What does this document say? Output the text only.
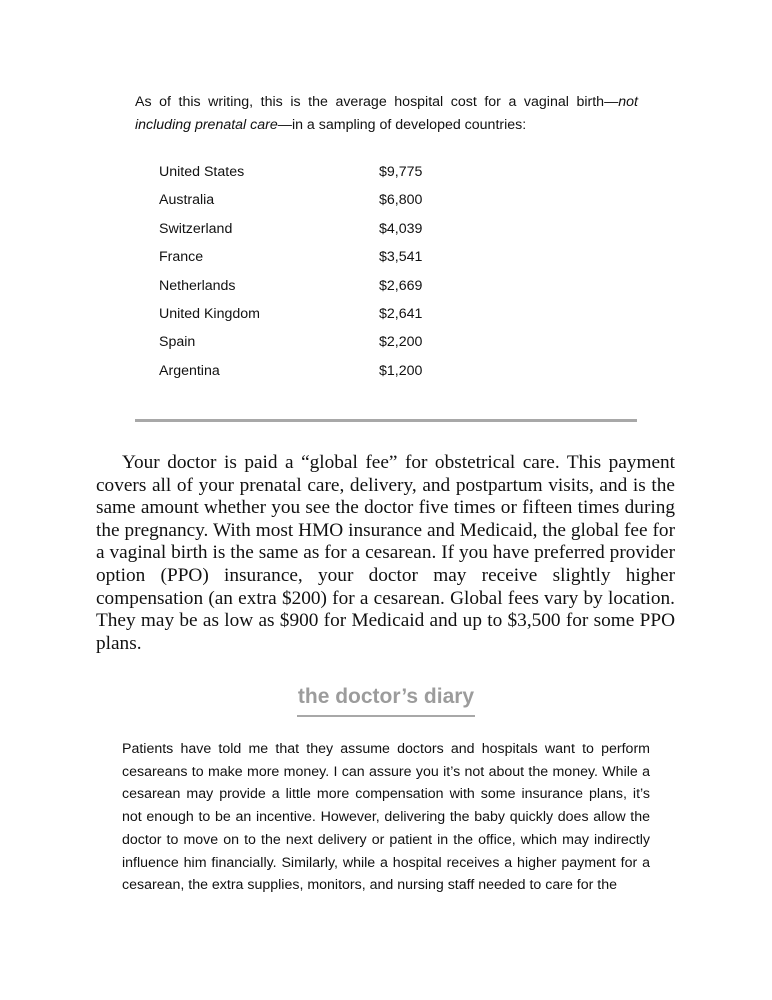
As of this writing, this is the average hospital cost for a vaginal birth—not including prenatal care—in a sampling of developed countries:
United States	$9,775
Australia	$6,800
Switzerland	$4,039
France	$3,541
Netherlands	$2,669
United Kingdom	$2,641
Spain	$2,200
Argentina	$1,200

Your doctor is paid a “global fee” for obstetrical care. This payment covers all of your prenatal care, delivery, and postpartum visits, and is the same amount whether you see the doctor five times or fifteen times during the pregnancy. With most HMO insurance and Medicaid, the global fee for a vaginal birth is the same as for a cesarean. If you have preferred provider option (PPO) insurance, your doctor may receive slightly higher compensation (an extra $200) for a cesarean. Global fees vary by location. They may be as low as $900 for Medicaid and up to $3,500 for some PPO plans.

the doctor’s diary

Patients have told me that they assume doctors and hospitals want to perform cesareans to make more money. I can assure you it’s not about the money. While a cesarean may provide a little more compensation with some insurance plans, it’s not enough to be an incentive. However, delivering the baby quickly does allow the doctor to move on to the next delivery or patient in the office, which may indirectly influence him financially. Similarly, while a hospital receives a higher payment for a cesarean, the extra supplies, monitors, and nursing staff needed to care for the
